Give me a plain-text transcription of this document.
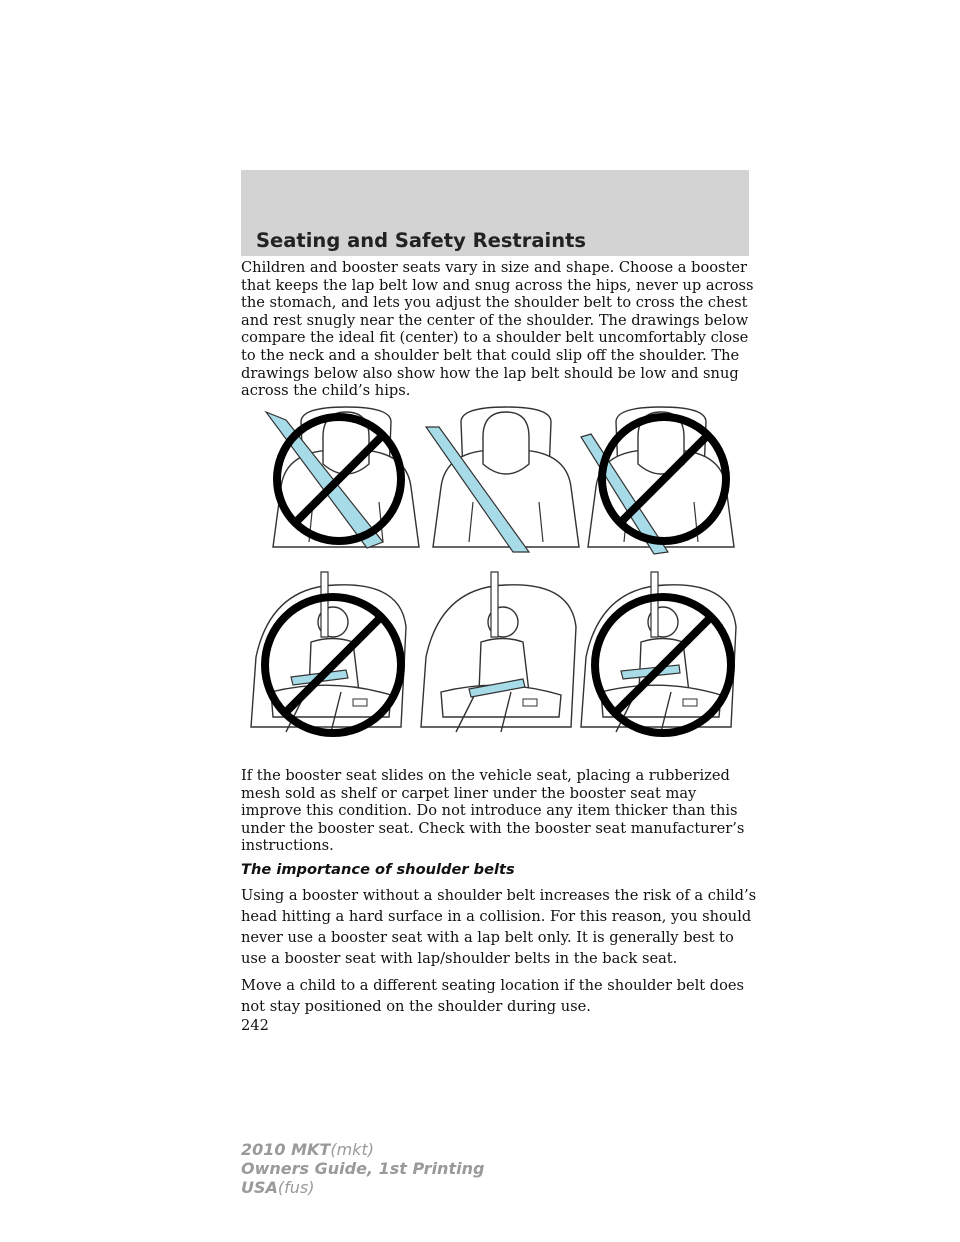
Seating and Safety Restraints

Children and booster seats vary in size and shape. Choose a booster that keeps the lap belt low and snug across the hips, never up across the stomach, and lets you adjust the shoulder belt to cross the chest and rest snugly near the center of the shoulder. The drawings below compare the ideal fit (center) to a shoulder belt uncomfortably close to the neck and a shoulder belt that could slip off the shoulder. The drawings below also show how the lap belt should be low and snug across the child’s hips.

If the booster seat slides on the vehicle seat, placing a rubberized mesh sold as shelf or carpet liner under the booster seat may improve this condition. Do not introduce any item thicker than this under the booster seat. Check with the booster seat manufacturer’s instructions.

The importance of shoulder belts

Using a booster without a shoulder belt increases the risk of a child’s head hitting a hard surface in a collision. For this reason, you should never use a booster seat with a lap belt only. It is generally best to use a booster seat with lap/shoulder belts in the back seat.

Move a child to a different seating location if the shoulder belt does not stay positioned on the shoulder during use.

242

2010 MKT(mkt)
Owners Guide, 1st Printing
USA(fus)
